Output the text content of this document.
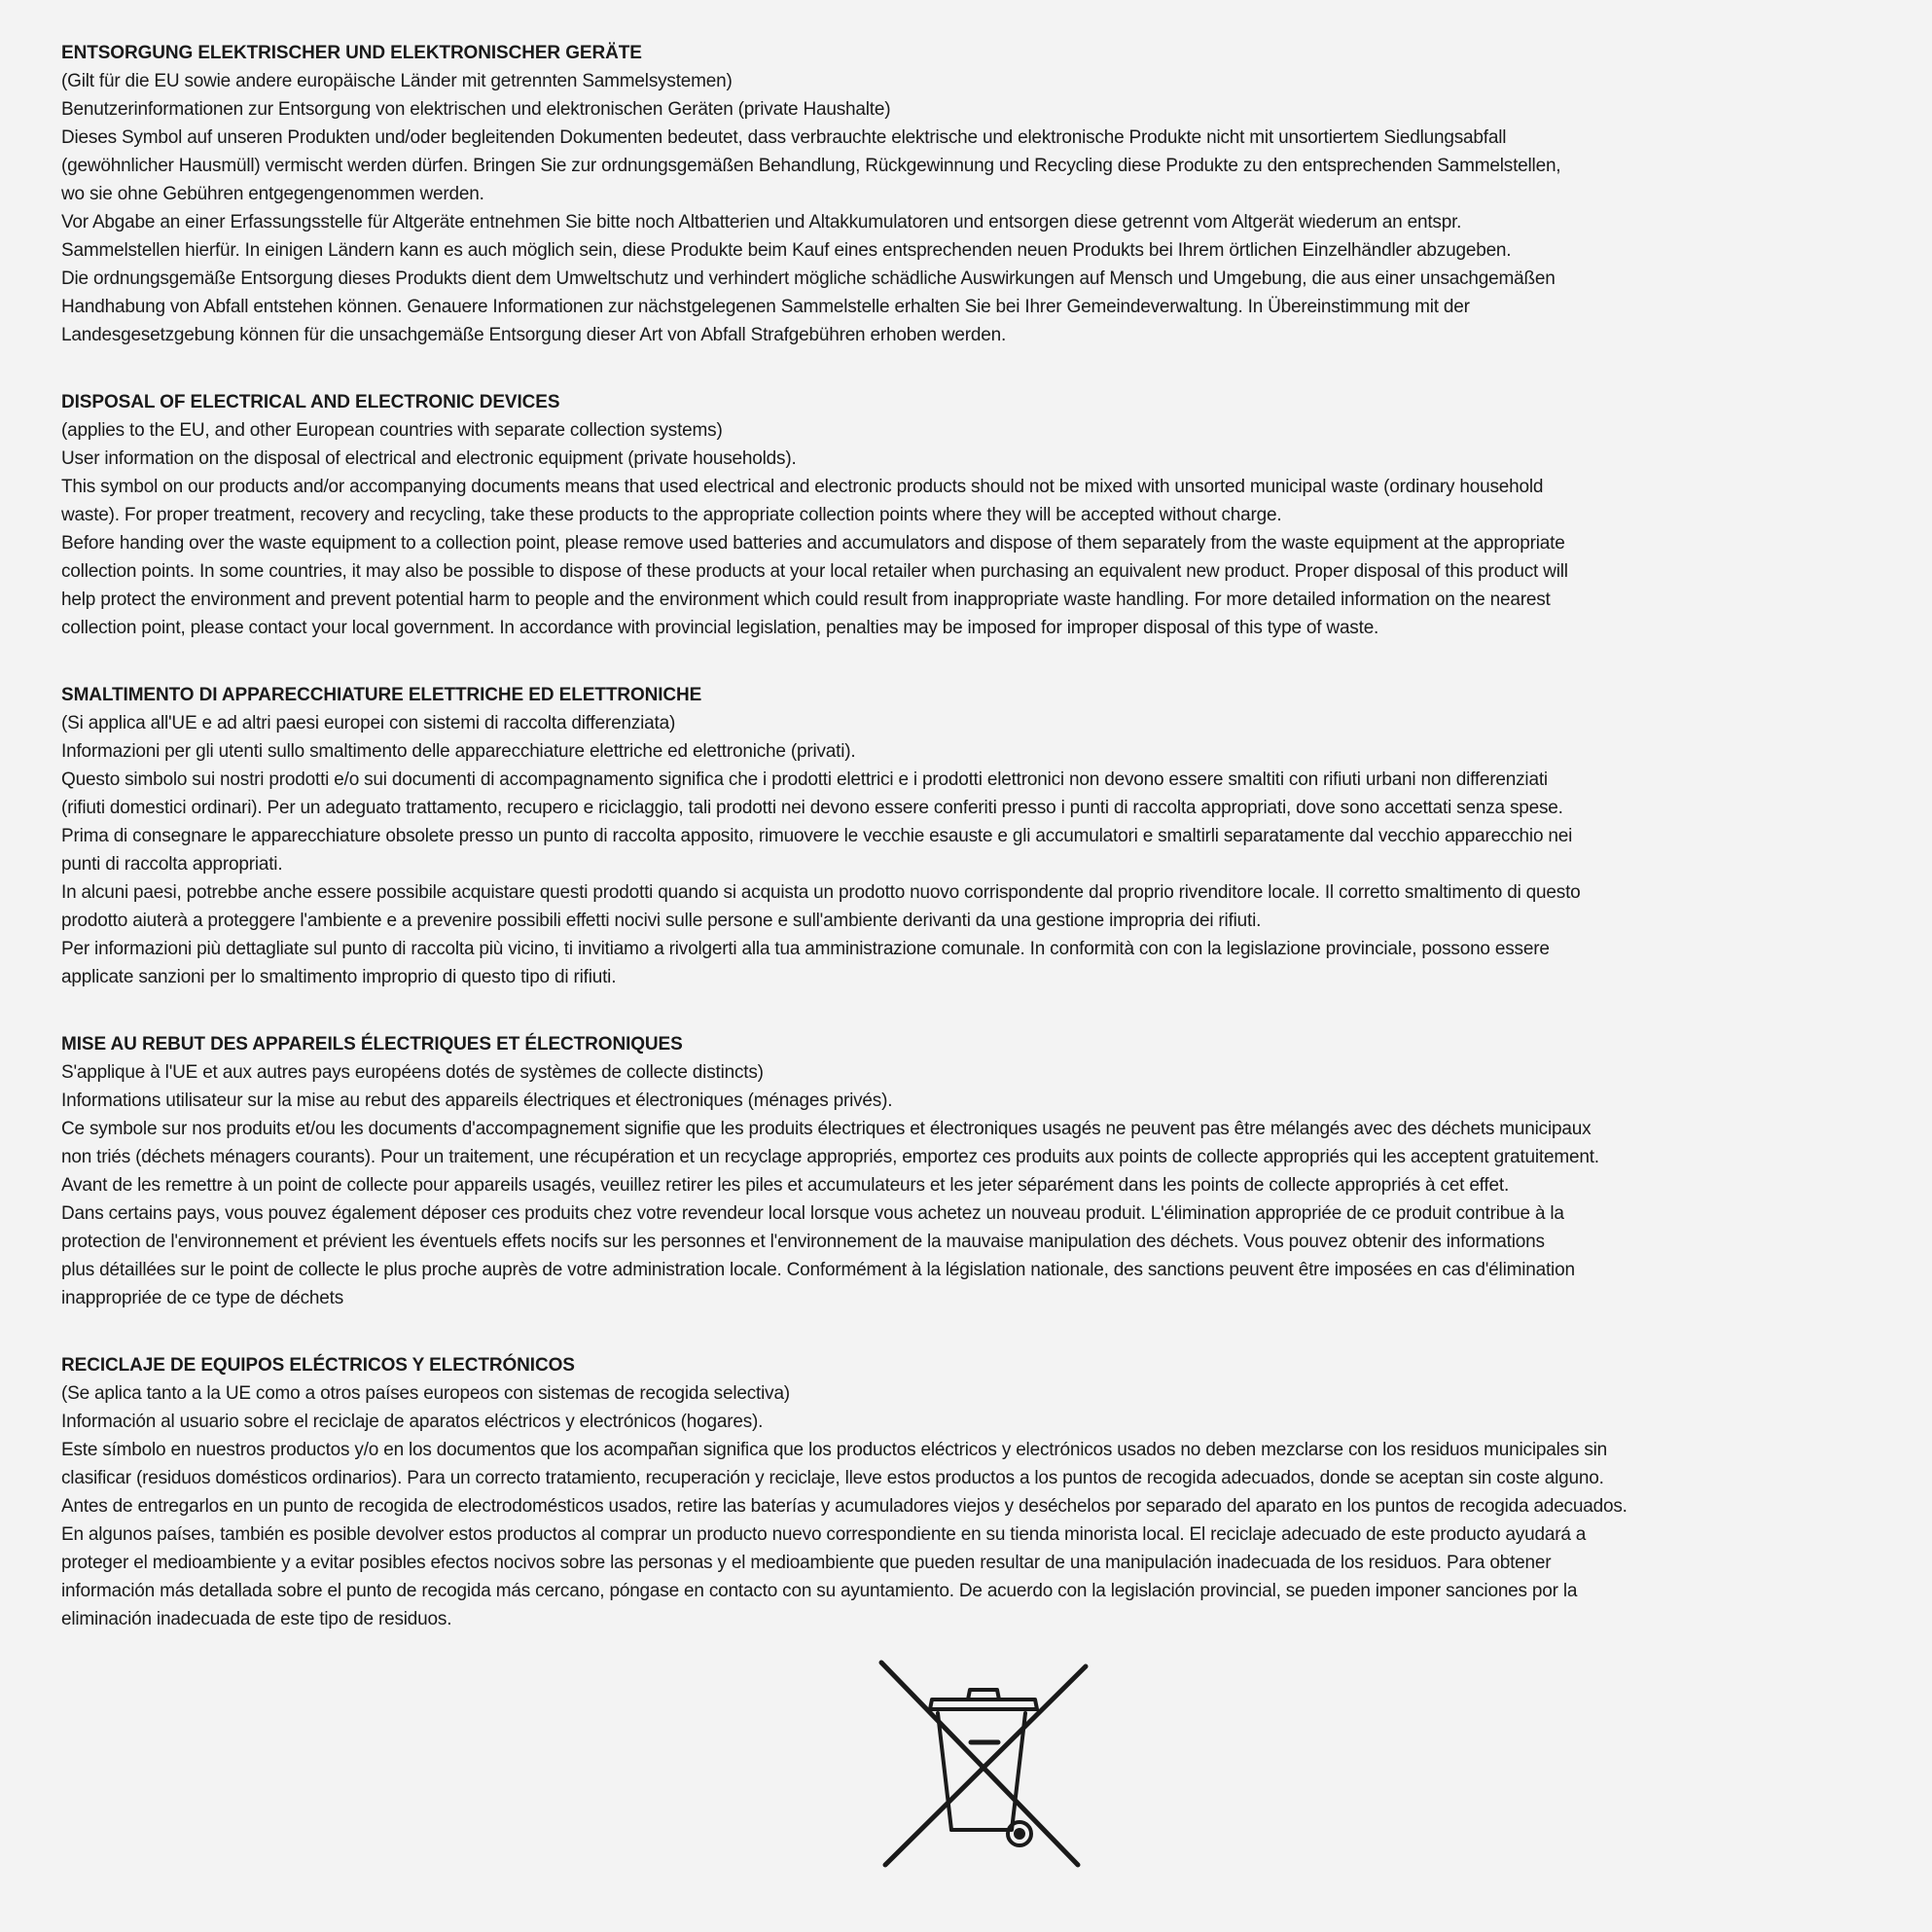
ENTSORGUNG ELEKTRISCHER UND ELEKTRONISCHER GERÄTE

(Gilt für die EU sowie andere europäische Länder mit getrennten Sammelsystemen)

Benutzerinformationen zur Entsorgung von elektrischen und elektronischen Geräten (private Haushalte)

Dieses Symbol auf unseren Produkten und/oder begleitenden Dokumenten bedeutet, dass verbrauchte elektrische und elektronische Produkte nicht mit unsortiertem Siedlungsabfall

(gewöhnlicher Hausmüll) vermischt werden dürfen. Bringen Sie zur ordnungsgemäßen Behandlung, Rückgewinnung und Recycling diese Produkte zu den entsprechenden Sammelstellen,

wo sie ohne Gebühren entgegengenommen werden.

Vor Abgabe an einer Erfassungsstelle für Altgeräte entnehmen Sie bitte noch Altbatterien und Altakkumulatoren und entsorgen diese getrennt vom Altgerät wiederum an entspr.

Sammelstellen hierfür. In einigen Ländern kann es auch möglich sein, diese Produkte beim Kauf eines entsprechenden neuen Produkts bei Ihrem örtlichen Einzelhändler abzugeben.

Die ordnungsgemäße Entsorgung dieses Produkts dient dem Umweltschutz und verhindert mögliche schädliche Auswirkungen auf Mensch und Umgebung, die aus einer unsachgemäßen

Handhabung von Abfall entstehen können. Genauere Informationen zur nächstgelegenen Sammelstelle erhalten Sie bei Ihrer Gemeindeverwaltung. In Übereinstimmung mit der

Landesgesetzgebung können für die unsachgemäße Entsorgung dieser Art von Abfall Strafgebühren erhoben werden.

DISPOSAL OF ELECTRICAL AND ELECTRONIC DEVICES

(applies to the EU, and other European countries with separate collection systems)

User information on the disposal of electrical and electronic equipment (private households).

This symbol on our products and/or accompanying documents means that used electrical and electronic products should not be mixed with unsorted municipal waste (ordinary household

waste). For proper treatment, recovery and recycling, take these products to the appropriate collection points where they will be accepted without charge.

Before handing over the waste equipment to a collection point, please remove used batteries and accumulators and dispose of them separately from the waste equipment at the appropriate

collection points. In some countries, it may also be possible to dispose of these products at your local retailer when purchasing an equivalent new product. Proper disposal of this product will

help protect the environment and prevent potential harm to people and the environment which could result from inappropriate waste handling. For more detailed information on the nearest

collection point, please contact your local government. In accordance with provincial legislation, penalties may be imposed for improper disposal of this type of waste.

SMALTIMENTO DI APPARECCHIATURE ELETTRICHE ED ELETTRONICHE

(Si applica all'UE e ad altri paesi europei con sistemi di raccolta differenziata)

Informazioni per gli utenti sullo smaltimento delle apparecchiature elettriche ed elettroniche (privati).

Questo simbolo sui nostri prodotti e/o sui documenti di accompagnamento significa che i prodotti elettrici e i prodotti elettronici non devono essere smaltiti con rifiuti urbani non differenziati

(rifiuti domestici ordinari). Per un adeguato trattamento, recupero e riciclaggio, tali prodotti nei devono essere conferiti presso i punti di raccolta appropriati, dove sono accettati senza spese.

Prima di consegnare le apparecchiature obsolete presso un punto di raccolta apposito, rimuovere le vecchie esauste e gli accumulatori e smaltirli separatamente dal vecchio apparecchio nei

punti di raccolta appropriati.

In alcuni paesi, potrebbe anche essere possibile acquistare questi prodotti quando si acquista un prodotto nuovo corrispondente dal proprio rivenditore locale. Il corretto smaltimento di questo

prodotto aiuterà a proteggere l'ambiente e a prevenire possibili effetti nocivi sulle persone e sull'ambiente derivanti da una gestione impropria dei rifiuti.

Per informazioni più dettagliate sul punto di raccolta più vicino, ti invitiamo a rivolgerti alla tua amministrazione comunale. In conformità con con la legislazione provinciale, possono essere

applicate sanzioni per lo smaltimento improprio di questo tipo di rifiuti.

MISE AU REBUT DES APPAREILS ÉLECTRIQUES ET ÉLECTRONIQUES

S'applique à l'UE et aux autres pays européens dotés de systèmes de collecte distincts)

Informations utilisateur sur la mise au rebut des appareils électriques et électroniques (ménages privés).

Ce symbole sur nos produits et/ou les documents d'accompagnement signifie que les produits électriques et électroniques usagés ne peuvent pas être mélangés avec des déchets municipaux

non triés (déchets ménagers courants). Pour un traitement, une récupération et un recyclage appropriés, emportez ces produits aux points de collecte appropriés qui les acceptent gratuitement.

Avant de les remettre à un point de collecte pour appareils usagés, veuillez retirer les piles et accumulateurs et les jeter séparément dans les points de collecte appropriés à cet effet.

Dans certains pays, vous pouvez également déposer ces produits chez votre revendeur local lorsque vous achetez un nouveau produit. L'élimination appropriée de ce produit contribue à la

protection de l'environnement et prévient les éventuels effets nocifs sur les personnes et l'environnement de la mauvaise manipulation des déchets. Vous pouvez obtenir des informations

plus détaillées sur le point de collecte le plus proche auprès de votre administration locale. Conformément à la législation nationale, des sanctions peuvent être imposées en cas d'élimination

inappropriée de ce type de déchets

RECICLAJE DE EQUIPOS ELÉCTRICOS Y ELECTRÓNICOS

(Se aplica tanto a la UE como a otros países europeos con sistemas de recogida selectiva)

Información al usuario sobre el reciclaje de aparatos eléctricos y electrónicos (hogares).

Este símbolo en nuestros productos y/o en los documentos que los acompañan significa que los productos eléctricos y electrónicos usados no deben mezclarse con los residuos municipales sin

clasificar (residuos domésticos ordinarios). Para un correcto tratamiento, recuperación y reciclaje, lleve estos productos a los puntos de recogida adecuados, donde se aceptan sin coste alguno.

Antes de entregarlos en un punto de recogida de electrodomésticos usados, retire las baterías y acumuladores viejos y deséchelos por separado del aparato en los puntos de recogida adecuados.

En algunos países, también es posible devolver estos productos al comprar un producto nuevo correspondiente en su tienda minorista local. El reciclaje adecuado de este producto ayudará a

proteger el medioambiente y a evitar posibles efectos nocivos sobre las personas y el medioambiente que pueden resultar de una manipulación inadecuada de los residuos. Para obtener

información más detallada sobre el punto de recogida más cercano, póngase en contacto con su ayuntamiento. De acuerdo con la legislación provincial, se pueden imponer sanciones por la

eliminación inadecuada de este tipo de residuos.
